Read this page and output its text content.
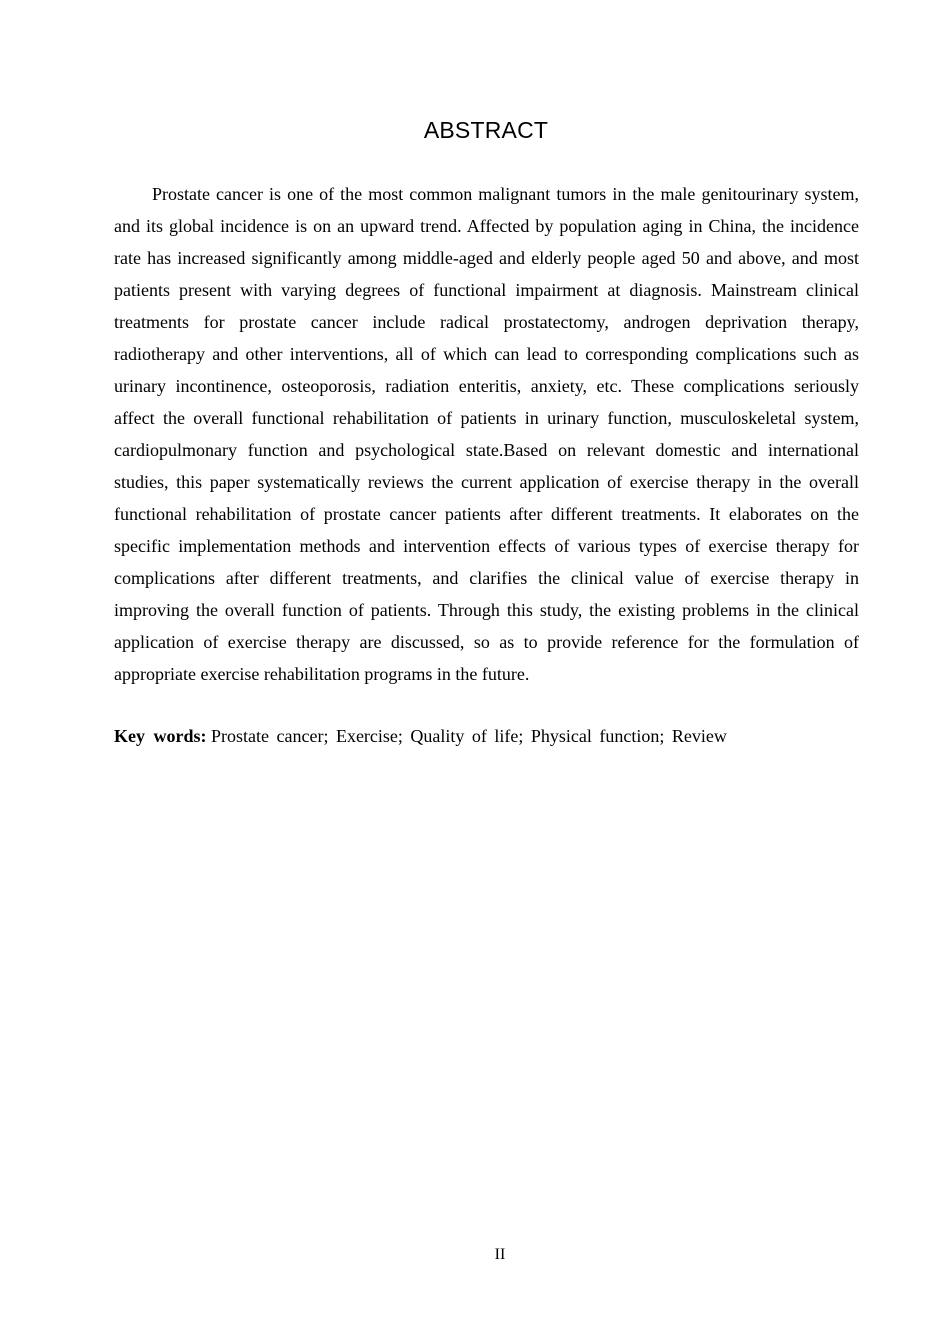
ABSTRACT

Prostate cancer is one of the most common malignant tumors in the male genitourinary system, and its global incidence is on an upward trend. Affected by population aging in China, the incidence rate has increased significantly among middle-aged and elderly people aged 50 and above, and most patients present with varying degrees of functional impairment at diagnosis. Mainstream clinical treatments for prostate cancer include radical prostatectomy, androgen deprivation therapy, radiotherapy and other interventions, all of which can lead to corresponding complications such as urinary incontinence, osteoporosis, radiation enteritis, anxiety, etc. These complications seriously affect the overall functional rehabilitation of patients in urinary function, musculoskeletal system, cardiopulmonary function and psychological state.Based on relevant domestic and international studies, this paper systematically reviews the current application of exercise therapy in the overall functional rehabilitation of prostate cancer patients after different treatments. It elaborates on the specific implementation methods and intervention effects of various types of exercise therapy for complications after different treatments, and clarifies the clinical value of exercise therapy in improving the overall function of patients. Through this study, the existing problems in the clinical application of exercise therapy are discussed, so as to provide reference for the formulation of appropriate exercise rehabilitation programs in the future.

Key words: Prostate cancer; Exercise; Quality of life; Physical function; Review
II
